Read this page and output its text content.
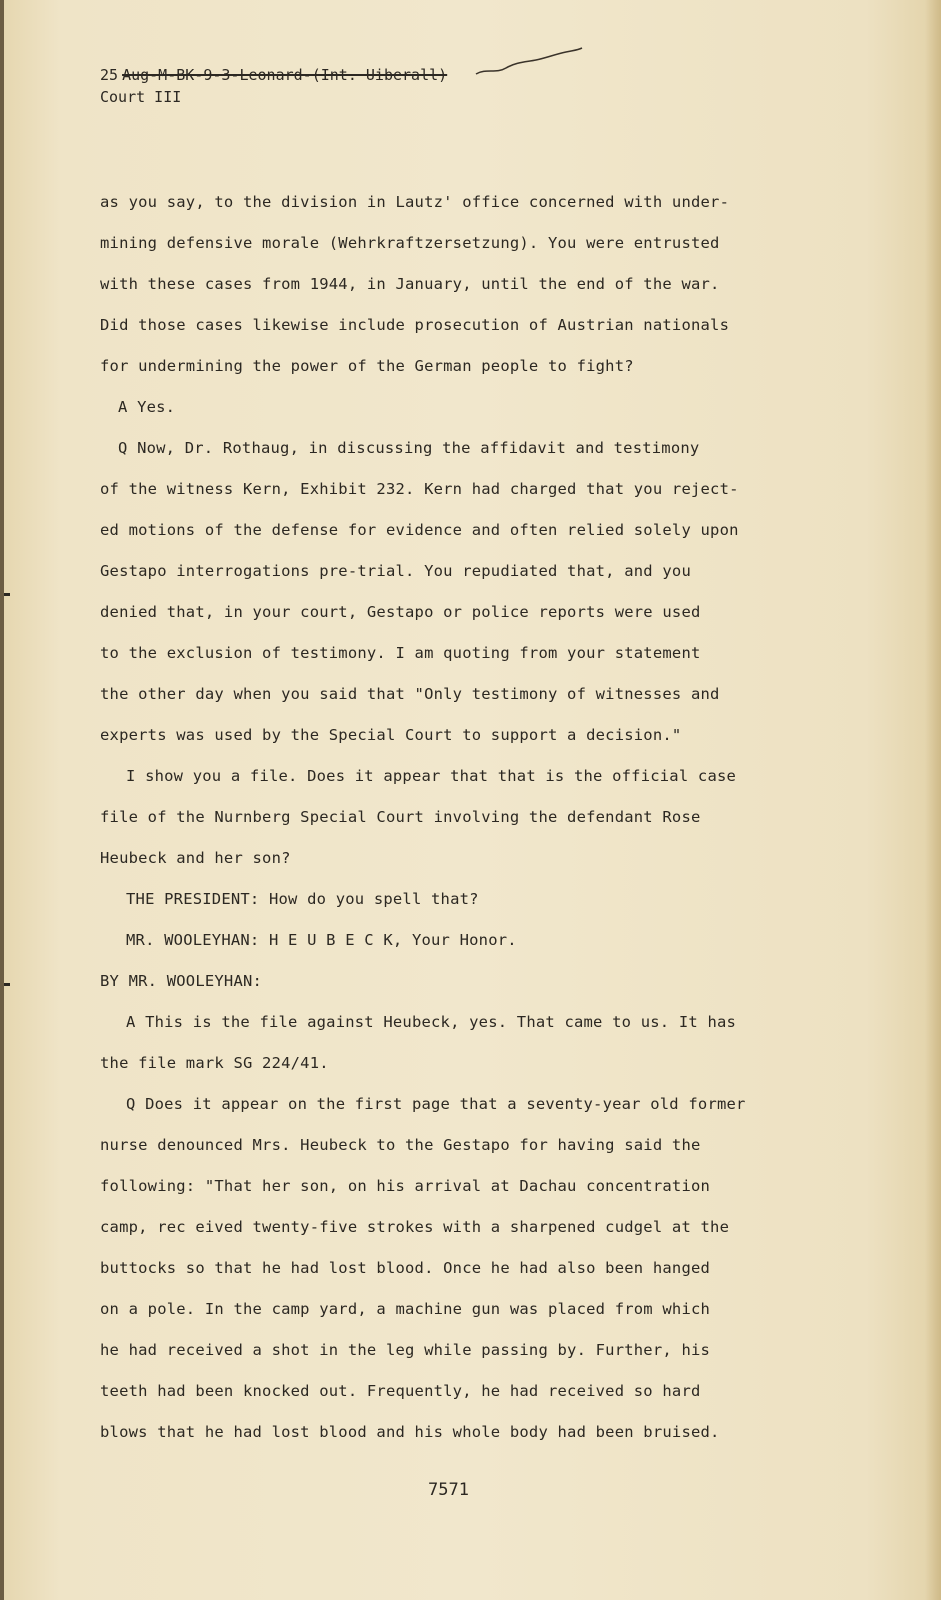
25 Aug-M-BK-9-3-Leonard-(Int. Uiberall)
Court III
as you say, to the division in Lautz' office concerned with under-
mining defensive morale (Wehrkraftzersetzung). You were entrusted
with these cases from 1944, in January, until the end of the war.
Did those cases likewise include prosecution of Austrian nationals
for undermining the power of the German people to fight?
A Yes.
Q Now, Dr. Rothaug, in discussing the affidavit and testimony
of the witness Kern, Exhibit 232. Kern had charged that you reject-
ed motions of the defense for evidence and often relied solely upon
Gestapo interrogations pre-trial. You repudiated that, and you
denied that, in your court, Gestapo or police reports were used
to the exclusion of testimony. I am quoting from your statement
the other day when you said that "Only testimony of witnesses and
experts was used by the Special Court to support a decision."
I show you a file. Does it appear that that is the official case
file of the Nurnberg Special Court involving the defendant Rose
Heubeck and her son?
THE PRESIDENT: How do you spell that?
MR. WOOLEYHAN: H E U B E C K, Your Honor.
BY MR. WOOLEYHAN:
A This is the file against Heubeck, yes. That came to us. It has
the file mark SG 224/41.
Q Does it appear on the first page that a seventy-year old former
nurse denounced Mrs. Heubeck to the Gestapo for having said the
following: "That her son, on his arrival at Dachau concentration
camp, rec eived twenty-five strokes with a sharpened cudgel at the
buttocks so that he had lost blood. Once he had also been hanged
on a pole. In the camp yard, a machine gun was placed from which
he had received a shot in the leg while passing by. Further, his
teeth had been knocked out. Frequently, he had received so hard
blows that he had lost blood and his whole body had been bruised.
7571
